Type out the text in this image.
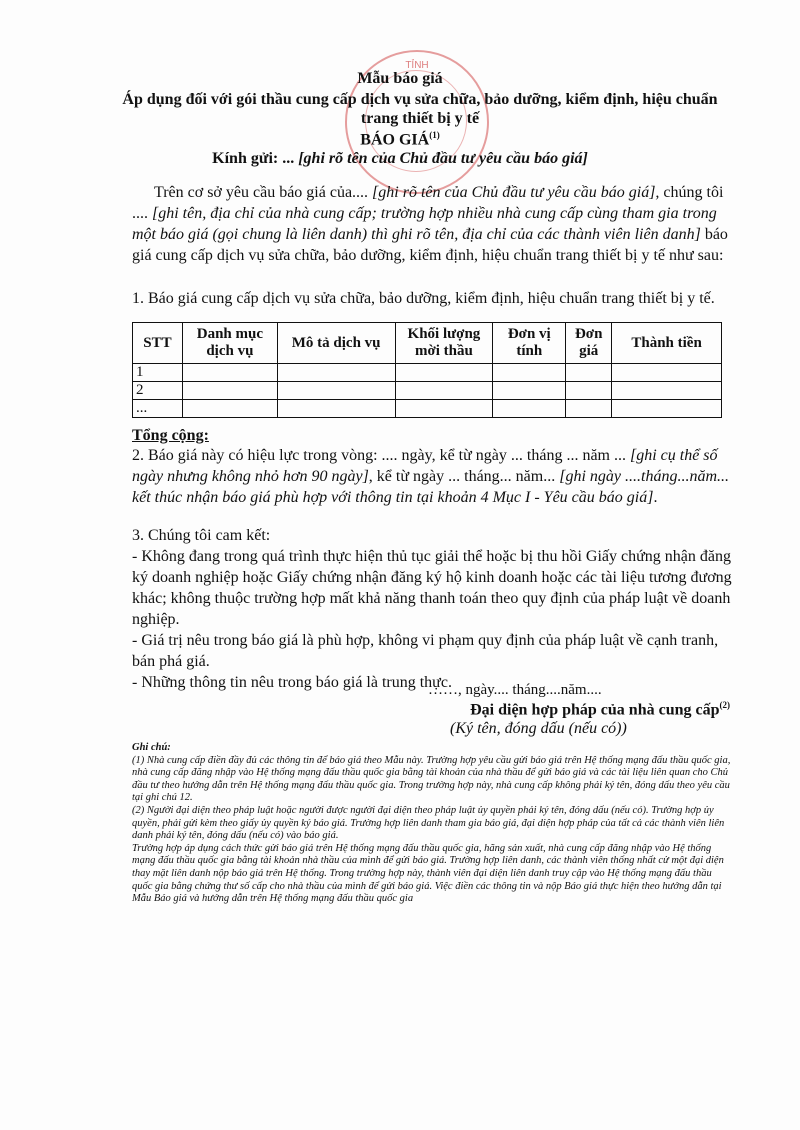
TỈNH
Mẫu báo giá
Áp dụng đối với gói thầu cung cấp dịch vụ sửa chữa, bảo dưỡng, kiểm định, hiệu chuẩn trang thiết bị y tế
BÁO GIÁ$^{(1)}$
Kính gửi: ... [ghi rõ tên của Chủ đầu tư yêu cầu báo giá]
Trên cơ sở yêu cầu báo giá của.... [ghi rõ tên của Chủ đầu tư yêu cầu báo giá], chúng tôi .... [ghi tên, địa chỉ của nhà cung cấp; trường hợp nhiều nhà cung cấp cùng tham gia trong một báo giá (gọi chung là liên danh) thì ghi rõ tên, địa chỉ của các thành viên liên danh] báo giá cung cấp dịch vụ sửa chữa, bảo dưỡng, kiểm định, hiệu chuẩn trang thiết bị y tế như sau:
1. Báo giá cung cấp dịch vụ sửa chữa, bảo dưỡng, kiểm định, hiệu chuẩn trang thiết bị y tế.
STT	Danh mục dịch vụ	Mô tả dịch vụ	Khối lượng mời thầu	Đơn vị tính	Đơn giá	Thành tiền
1						
2						
...						
Tổng cộng:
2. Báo giá này có hiệu lực trong vòng: .... ngày, kể từ ngày ... tháng ... năm ... [ghi cụ thể số ngày nhưng không nhỏ hơn 90 ngày], kể từ ngày ... tháng... năm... [ghi ngày ....tháng...năm... kết thúc nhận báo giá phù hợp với thông tin tại khoản 4 Mục I - Yêu cầu báo giá].
3. Chúng tôi cam kết:
- Không đang trong quá trình thực hiện thủ tục giải thể hoặc bị thu hồi Giấy chứng nhận đăng ký doanh nghiệp hoặc Giấy chứng nhận đăng ký hộ kinh doanh hoặc các tài liệu tương đương khác; không thuộc trường hợp mất khả năng thanh toán theo quy định của pháp luật về doanh nghiệp.
- Giá trị nêu trong báo giá là phù hợp, không vi phạm quy định của pháp luật về cạnh tranh, bán phá giá.
- Những thông tin nêu trong báo giá là trung thực.
……, ngày.... tháng....năm....
Đại diện hợp pháp của nhà cung cấp$^{(2)}$
(Ký tên, đóng dấu (nếu có))
Ghi chú:
(1) Nhà cung cấp điền đầy đủ các thông tin để báo giá theo Mẫu này. Trường hợp yêu cầu gửi báo giá trên Hệ thống mạng đấu thầu quốc gia, nhà cung cấp đăng nhập vào Hệ thống mạng đấu thầu quốc gia bằng tài khoản của nhà thầu để gửi báo giá và các tài liệu liên quan cho Chủ đầu tư theo hướng dẫn trên Hệ thống mạng đấu thầu quốc gia. Trong trường hợp này, nhà cung cấp không phải ký tên, đóng dấu theo yêu cầu tại ghi chú 12.
(2) Người đại diện theo pháp luật hoặc người được người đại diện theo pháp luật ủy quyền phải ký tên, đóng dấu (nếu có). Trường hợp ủy quyền, phải gửi kèm theo giấy ủy quyền ký báo giá. Trường hợp liên danh tham gia báo giá, đại diện hợp pháp của tất cả các thành viên liên danh phải ký tên, đóng dấu (nếu có) vào báo giá.
Trường hợp áp dụng cách thức gửi báo giá trên Hệ thống mạng đấu thầu quốc gia, hãng sản xuất, nhà cung cấp đăng nhập vào Hệ thống mạng đấu thầu quốc gia bằng tài khoản nhà thầu của mình để gửi báo giá. Trường hợp liên danh, các thành viên thống nhất cử một đại diện thay mặt liên danh nộp báo giá trên Hệ thống. Trong trường hợp này, thành viên đại diện liên danh truy cập vào Hệ thống mạng đấu thầu quốc gia bằng chứng thư số cấp cho nhà thầu của mình để gửi báo giá. Việc điền các thông tin và nộp Báo giá thực hiện theo hướng dẫn tại Mẫu Báo giá và hướng dẫn trên Hệ thống mạng đấu thầu quốc gia
